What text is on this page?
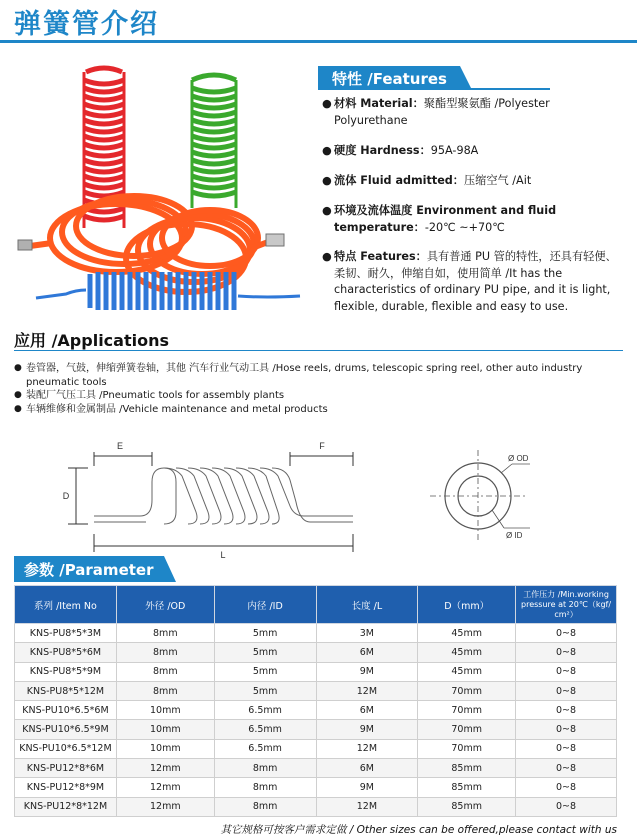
弹簧管介绍
特性 /Features
● 材料 Material：聚酯型聚氨酯 /Polyester Polyurethane
● 硬度 Hardness：95A-98A
● 流体 Fluid admitted：压缩空气 /Ait
● 环境及流体温度 Environment and fluid temperature：-20℃ ~+70℃
● 特点 Features：具有普通 PU 管的特性，还具有轻便、柔韧、耐久，伸缩自如，使用简单 /It has the characteristics of ordinary PU pipe, and it is light, flexible, durable, flexible and easy to use.
应用 /Applications
● 卷管器，气鼓，伸缩弹簧卷轴，其他 汽车行业气动工具 /Hose reels, drums, telescopic spring reel, other auto industry pneumatic tools
● 装配厂气压工具 /Pneumatic tools for assembly plants
● 车辆维修和金属制品 /Vehicle maintenance and metal products
E	F
D
L
Ø OD
Ø ID
参数 /Parameter
系列 /Item No	外径 /OD	内径 /ID	长度 /L	D（mm）	工作压力 /Min.working pressure at 20℃（kgf/ cm²）
KNS-PU8*5*3M	8mm	5mm	3M	45mm	0~8
KNS-PU8*5*6M	8mm	5mm	6M	45mm	0~8
KNS-PU8*5*9M	8mm	5mm	9M	45mm	0~8
KNS-PU8*5*12M	8mm	5mm	12M	70mm	0~8
KNS-PU10*6.5*6M	10mm	6.5mm	6M	70mm	0~8
KNS-PU10*6.5*9M	10mm	6.5mm	9M	70mm	0~8
KNS-PU10*6.5*12M	10mm	6.5mm	12M	70mm	0~8
KNS-PU12*8*6M	12mm	8mm	6M	85mm	0~8
KNS-PU12*8*9M	12mm	8mm	9M	85mm	0~8
KNS-PU12*8*12M	12mm	8mm	12M	85mm	0~8
其它规格可按客户需求定做 / Other sizes can be offered,please contact with us
